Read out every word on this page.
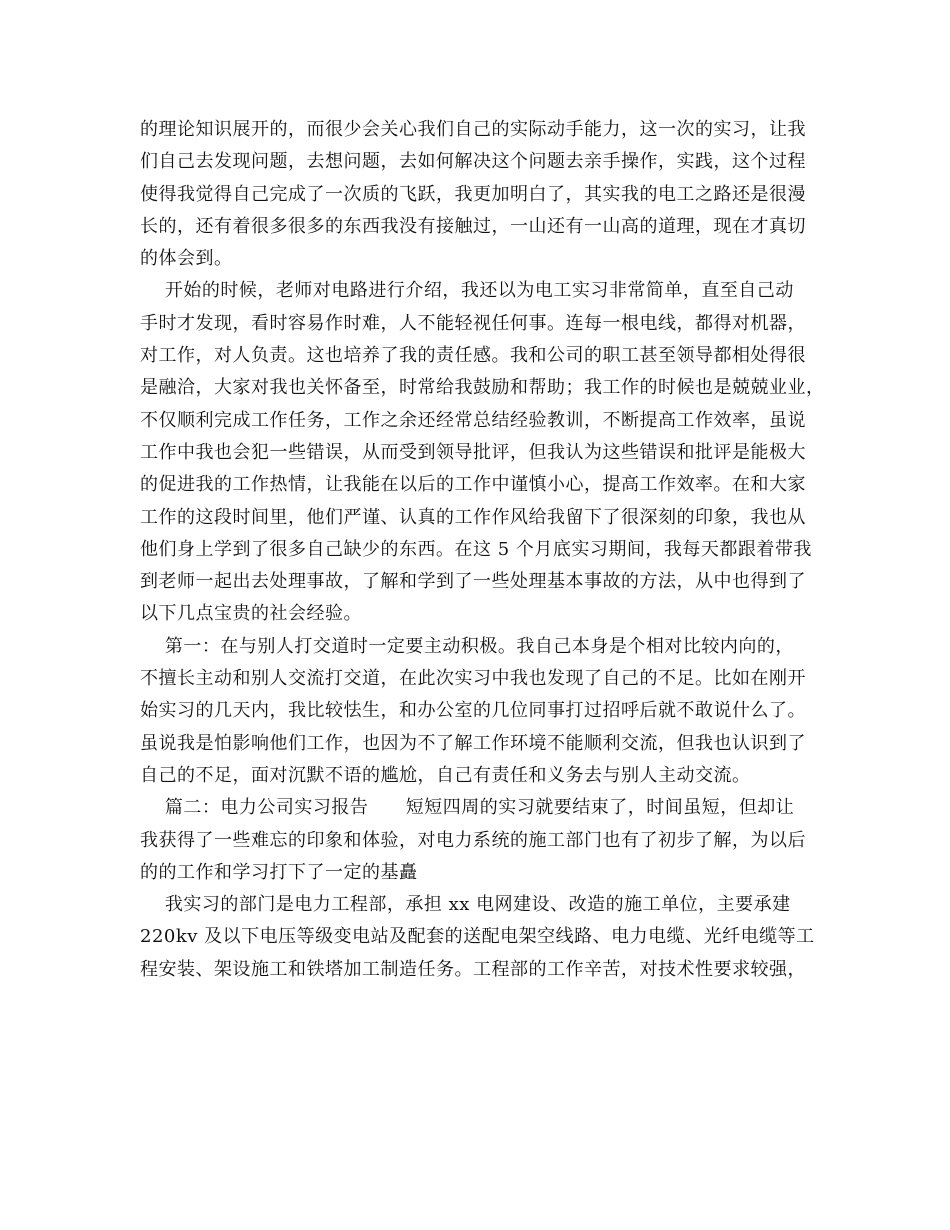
的理论知识展开的，而很少会关心我们自己的实际动手能力，这一次的实习，让我
们自己去发现问题，去想问题，去如何解决这个问题去亲手操作，实践，这个过程
使得我觉得自己完成了一次质的飞跃，我更加明白了，其实我的电工之路还是很漫
长的，还有着很多很多的东西我没有接触过，一山还有一山高的道理，现在才真切
的体会到。
开始的时候，老师对电路进行介绍，我还以为电工实习非常简单，直至自己动
手时才发现，看时容易作时难，人不能轻视任何事。连每一根电线，都得对机器，
对工作，对人负责。这也培养了我的责任感。我和公司的职工甚至领导都相处得很
是融洽，大家对我也关怀备至，时常给我鼓励和帮助；我工作的时候也是兢兢业业，
不仅顺利完成工作任务，工作之余还经常总结经验教训，不断提高工作效率，虽说
工作中我也会犯一些错误，从而受到领导批评，但我认为这些错误和批评是能极大
的促进我的工作热情，让我能在以后的工作中谨慎小心，提高工作效率。在和大家
工作的这段时间里，他们严谨、认真的工作作风给我留下了很深刻的印象，我也从
他们身上学到了很多自己缺少的东西。在这 5 个月底实习期间，我每天都跟着带我
到老师一起出去处理事故，了解和学到了一些处理基本事故的方法，从中也得到了
以下几点宝贵的社会经验。
第一：在与别人打交道时一定要主动积极。我自己本身是个相对比较内向的，
不擅长主动和别人交流打交道，在此次实习中我也发现了自己的不足。比如在刚开
始实习的几天内，我比较怯生，和办公室的几位同事打过招呼后就不敢说什么了。
虽说我是怕影响他们工作，也因为不了解工作环境不能顺利交流，但我也认识到了
自己的不足，面对沉默不语的尴尬，自己有责任和义务去与别人主动交流。
篇二：电力公司实习报告      短短四周的实习就要结束了，时间虽短，但却让
我获得了一些难忘的印象和体验，对电力系统的施工部门也有了初步了解，为以后
的的工作和学习打下了一定的基矗
我实习的部门是电力工程部，承担 xx 电网建设、改造的施工单位，主要承建
220kv 及以下电压等级变电站及配套的送配电架空线路、电力电缆、光纤电缆等工
程安装、架设施工和铁塔加工制造任务。工程部的工作辛苦，对技术性要求较强，
